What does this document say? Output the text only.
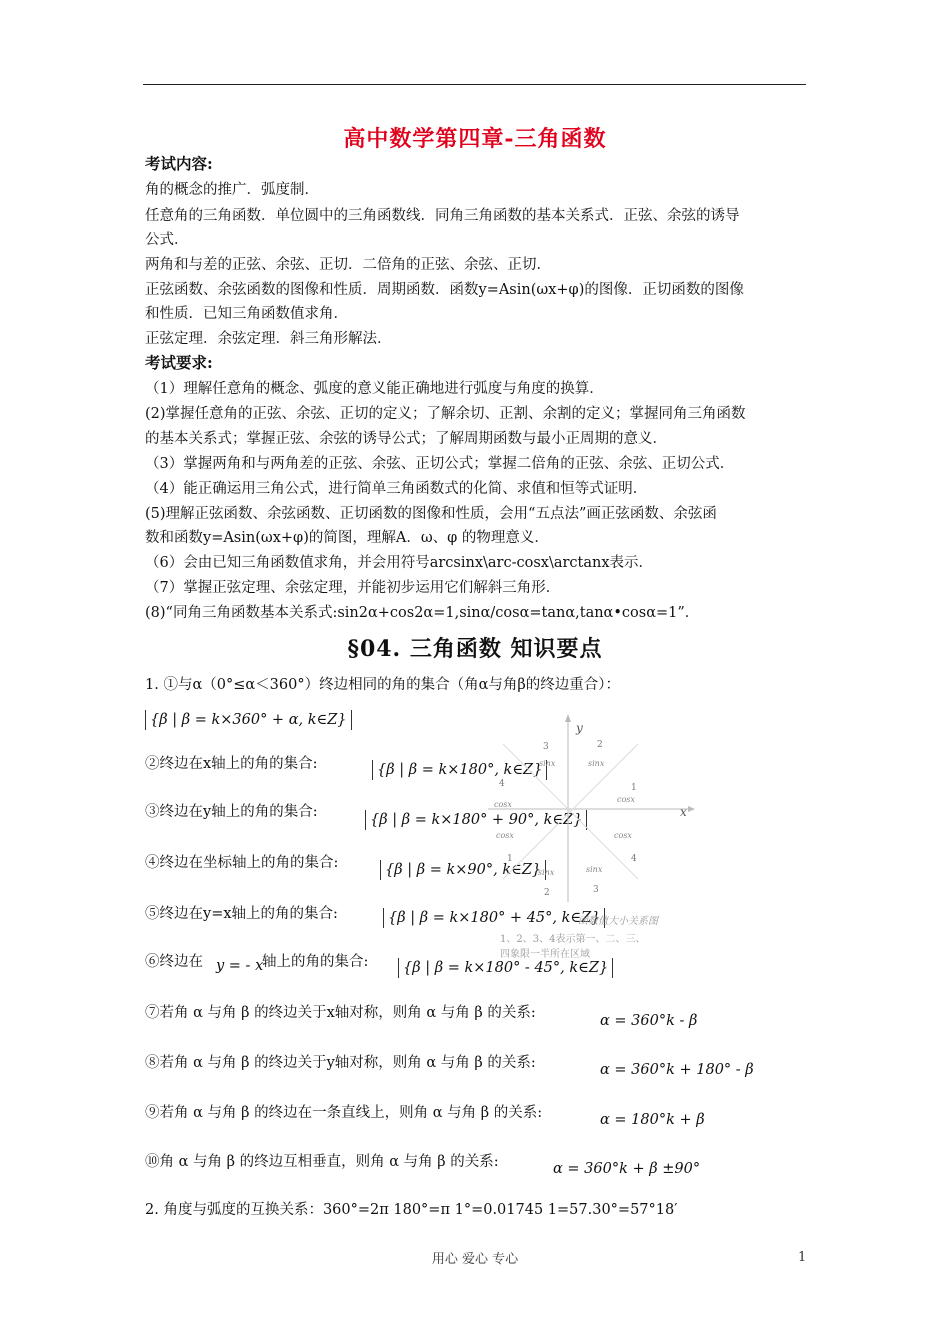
高中数学第四章-三角函数
考试内容:
角的概念的推广．弧度制．
任意角的三角函数．单位圆中的三角函数线．同角三角函数的基本关系式．正弦、余弦的诱导
公式．
两角和与差的正弦、余弦、正切．二倍角的正弦、余弦、正切．
正弦函数、余弦函数的图像和性质．周期函数．函数y=Asin(ωx+φ)的图像．正切函数的图像
和性质．已知三角函数值求角．
正弦定理．余弦定理．斜三角形解法．
考试要求:
（1）理解任意角的概念、弧度的意义能正确地进行弧度与角度的换算．
(2)掌握任意角的正弦、余弦、正切的定义；了解余切、正割、余割的定义；掌握同角三角函数
的基本关系式；掌握正弦、余弦的诱导公式；了解周期函数与最小正周期的意义．
（3）掌握两角和与两角差的正弦、余弦、正切公式；掌握二倍角的正弦、余弦、正切公式．
（4）能正确运用三角公式，进行简单三角函数式的化简、求值和恒等式证明．
(5)理解正弦函数、余弦函数、正切函数的图像和性质，会用“五点法”画正弦函数、余弦函
数和函数y=Asin(ωx+φ)的简图，理解A．ω、φ 的物理意义．
（6）会由已知三角函数值求角，并会用符号arcsinx\arc-cosx\arctanx表示．
（7）掌握正弦定理、余弦定理，并能初步运用它们解斜三角形．
(8)“同角三角函数基本关系式:sin2α+cos2α=1,sinα/cosα=tanα,tanα•cosα=1”．
§04. 三角函数 知识要点
1. ①与α（0°≤α＜360°）终边相同的角的集合（角α与角β的终边重合）：
{β | β = k×360° + α, k∈Z}
②终边在x轴上的角的集合:	{β | β = k×180°, k∈Z}
③终边在y轴上的角的集合:	{β | β = k×180° + 90°, k∈Z}
④终边在坐标轴上的角的集合:	{β | β = k×90°, k∈Z}
⑤终边在y=x轴上的角的集合:	{β | β = k×180° + 45°, k∈Z}
⑥终边在 y = - x
轴上的角的集合:	{β | β = k×180° - 45°, k∈Z}
⑦若角 α 与角 β 的终边关于x轴对称，则角 α 与角 β 的关系:	α = 360°k - β
⑧若角 α 与角 β 的终边关于y轴对称，则角 α 与角 β 的关系:	α = 360°k + 180° - β
⑨若角 α 与角 β 的终边在一条直线上，则角 α 与角 β 的关系:	α = 180°k + β
⑩角 α 与角 β 的终边互相垂直，则角 α 与角 β 的关系:	α = 360°k + β ±90°
2. 角度与弧度的互换关系：360°=2π 180°=π 1°=0.01745 1=57.30°=57°18′
y
x
3	2
sinx	sinx
4	1
cosx
cosx
cosx	cosx
1	4
sinx	sinx
2	3
函数值大小关系图
1、2、3、4表示第一、二、三、
四象限一半所在区域
用心 爱心 专心	1
